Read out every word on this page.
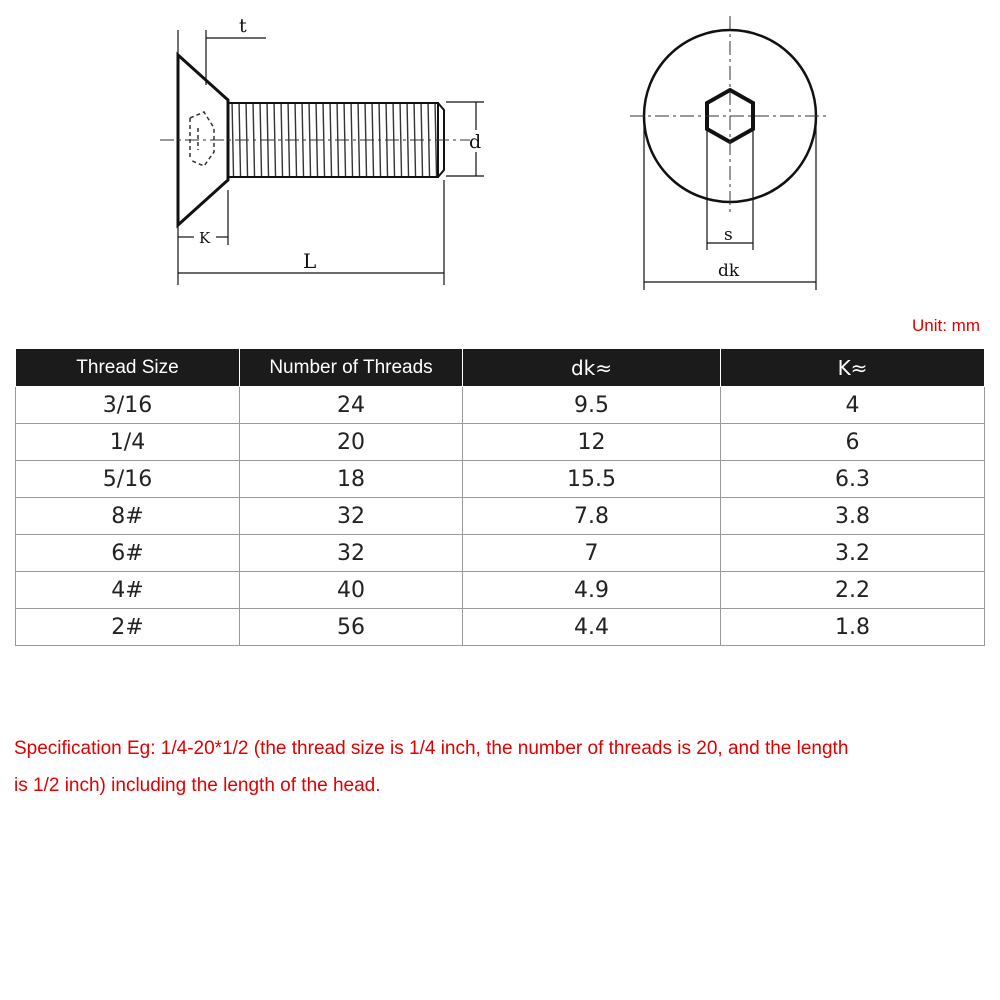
t
d
K
L
s
dk
Unit: mm
Thread Size	Number of Threads	dk≈	K≈
3/16	24	9.5	4
1/4	20	12	6
5/16	18	15.5	6.3
8#	32	7.8	3.8
6#	32	7	3.2
4#	40	4.9	2.2
2#	56	4.4	1.8
Specification Eg: 1/4-20*1/2 (the thread size is 1/4 inch, the number of threads is 20, and the length
is 1/2 inch) including the length of the head.
